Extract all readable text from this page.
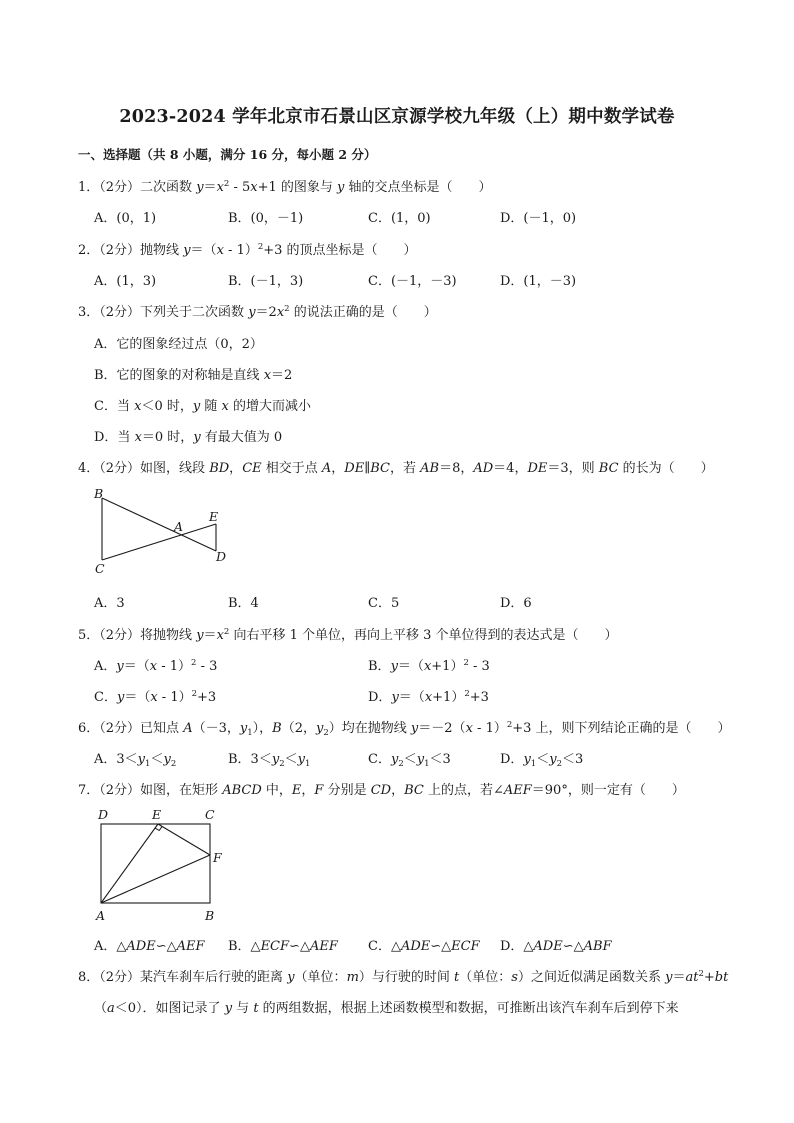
2023-2024 学年北京市石景山区京源学校九年级（上）期中数学试卷
一、选择题（共 8 小题，满分 16 分，每小题 2 分）
1．（2分）二次函数 $y=x^2 - 5x+1$ 的图象与 y 轴的交点坐标是（　　）
A．(0，1)	B．(0，－1)	C．(1，0)	D．(－1，0)
2．（2分）抛物线 y＝（x - 1）$^2$+3 的顶点坐标是（　　）
A．(1，3)	B．(－1，3)	C．(－1，－3)	D．(1，－3)
3．（2分）下列关于二次函数 $y=2x^2$ 的说法正确的是（　　）
A．它的图象经过点（0，2）
B．它的图象的对称轴是直线 x＝2
C．当 x＜0 时，y 随 x 的增大而减小
D．当 x＝0 时，y 有最大值为 0
4．（2分）如图，线段 BD，CE 相交于点 A，DE∥BC，若 AB＝8，AD＝4，DE＝3，则 BC 的长为（　　）
B
E
A
C
D
A．3	B．4	C．5	D．6
5．（2分）将抛物线 $y=x^2$ 向右平移 1 个单位，再向上平移 3 个单位得到的表达式是（　　）
A．y＝（x - 1）$^2$ - 3	B．$y=(x+1)^2 - 3$
C．y＝（x - 1）$^2$+3	D．$y=(x+1)^2+3$
6．（2分）已知点 A（－3，$y_1$），B（2，$y_2$）均在抛物线 y＝－2（x - 1）$^2$+3 上，则下列结论正确的是（　　）
A．$3<y_1<y_2$	B．$3<y_2<y_1$	C．$y_2<y_1<3$	D．$y_1<y_2<3$
7．（2分）如图，在矩形 ABCD 中，E，F 分别是 CD，BC 上的点，若∠AEF＝90°，则一定有（　　）
D	E	C
F
A	B
A．△ADE∽△AEF B．△ECF∽△AEF C．△ADE∽△ECF D．△ADE∽△ABF
8．（2分）某汽车刹车后行驶的距离 y（单位：m）与行驶的时间 t（单位：s）之间近似满足函数关系 $y=at^2+bt$
（a＜0）．如图记录了 y 与 t 的两组数据，根据上述函数模型和数据，可推断出该汽车刹车后到停下来
